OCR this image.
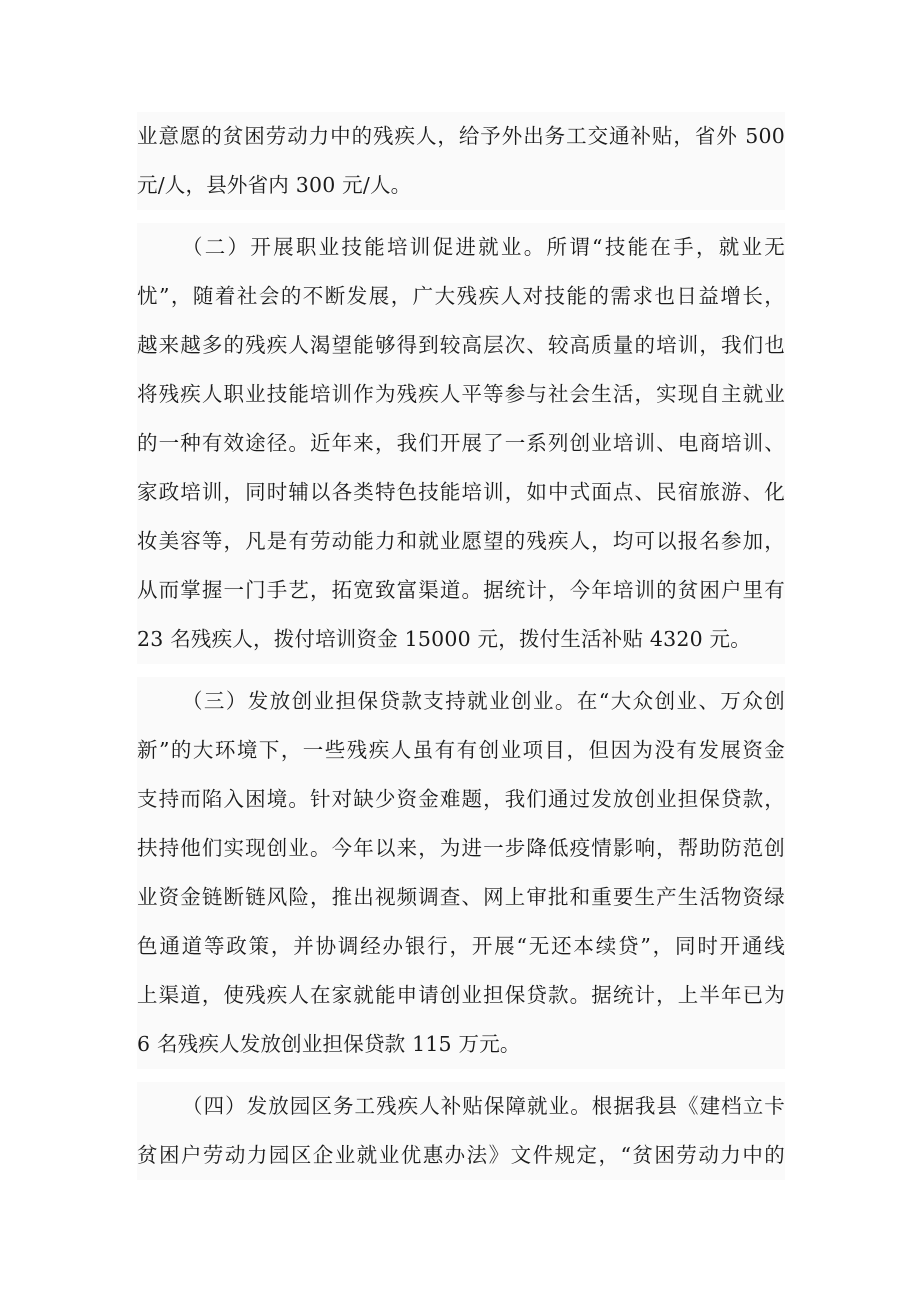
业意愿的贫困劳动力中的残疾人，给予外出务工交通补贴，省外 500
元/人，县外省内 300 元/人。
（二）开展职业技能培训促进就业。所谓“技能在手，就业无
忧”，随着社会的不断发展，广大残疾人对技能的需求也日益增长，
越来越多的残疾人渴望能够得到较高层次、较高质量的培训，我们也
将残疾人职业技能培训作为残疾人平等参与社会生活，实现自主就业
的一种有效途径。近年来，我们开展了一系列创业培训、电商培训、
家政培训，同时辅以各类特色技能培训，如中式面点、民宿旅游、化
妆美容等，凡是有劳动能力和就业愿望的残疾人，均可以报名参加，
从而掌握一门手艺，拓宽致富渠道。据统计，今年培训的贫困户里有
23 名残疾人，拨付培训资金 15000 元，拨付生活补贴 4320 元。
（三）发放创业担保贷款支持就业创业。在“大众创业、万众创
新”的大环境下，一些残疾人虽有有创业项目，但因为没有发展资金
支持而陷入困境。针对缺少资金难题，我们通过发放创业担保贷款，
扶持他们实现创业。今年以来，为进一步降低疫情影响，帮助防范创
业资金链断链风险，推出视频调查、网上审批和重要生产生活物资绿
色通道等政策，并协调经办银行，开展“无还本续贷”，同时开通线
上渠道，使残疾人在家就能申请创业担保贷款。据统计，上半年已为
6 名残疾人发放创业担保贷款 115 万元。
（四）发放园区务工残疾人补贴保障就业。根据我县《建档立卡
贫困户劳动力园区企业就业优惠办法》文件规定，“贫困劳动力中的
